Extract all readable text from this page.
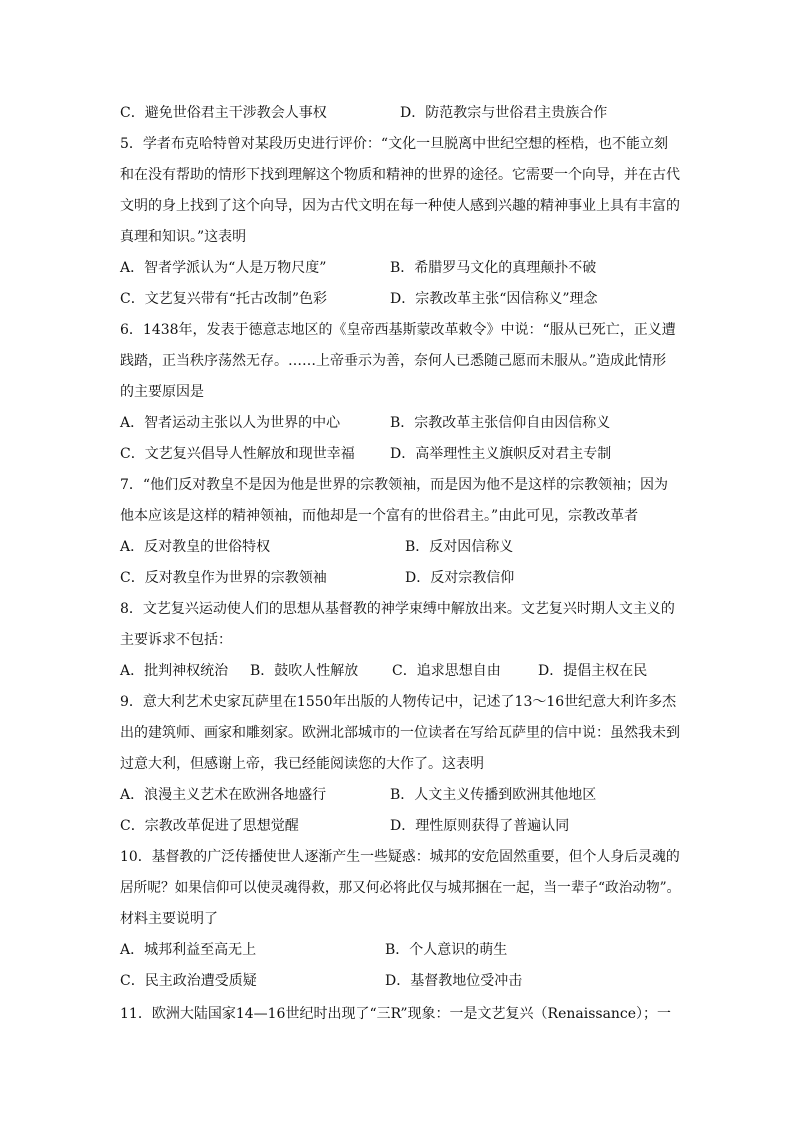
C．避免世俗君主干涉教会人事权	D．防范教宗与世俗君主贵族合作
5．学者布克哈特曾对某段历史进行评价：“文化一旦脱离中世纪空想的桎梏，也不能立刻
和在没有帮助的情形下找到理解这个物质和精神的世界的途径。它需要一个向导，并在古代
文明的身上找到了这个向导，因为古代文明在每一种使人感到兴趣的精神事业上具有丰富的
真理和知识。”这表明
A．智者学派认为“人是万物尺度”	B．希腊罗马文化的真理颠扑不破
C．文艺复兴带有“托古改制”色彩	D．宗教改革主张“因信称义”理念
6．1438年，发表于德意志地区的《皇帝西基斯蒙改革敕令》中说：“服从已死亡，正义遭
践踏，正当秩序荡然无存。……上帝垂示为善，奈何人已悉随己愿而未服从。”造成此情形
的主要原因是
A．智者运动主张以人为世界的中心	B．宗教改革主张信仰自由因信称义
C．文艺复兴倡导人性解放和现世幸福	D．高举理性主义旗帜反对君主专制
7．“他们反对教皇不是因为他是世界的宗教领袖，而是因为他不是这样的宗教领袖；因为
他本应该是这样的精神领袖，而他却是一个富有的世俗君主。”由此可见，宗教改革者
A．反对教皇的世俗特权	B．反对因信称义
C．反对教皇作为世界的宗教领袖	D．反对宗教信仰
8．文艺复兴运动使人们的思想从基督教的神学束缚中解放出来。文艺复兴时期人文主义的
主要诉求不包括：
A．批判神权统治 B．鼓吹人性解放 C．追求思想自由	D．提倡主权在民
9．意大利艺术史家瓦萨里在1550年出版的人物传记中，记述了13～16世纪意大利许多杰
出的建筑师、画家和雕刻家。欧洲北部城市的一位读者在写给瓦萨里的信中说：虽然我未到
过意大利，但感谢上帝，我已经能阅读您的大作了。这表明
A．浪漫主义艺术在欧洲各地盛行	B．人文主义传播到欧洲其他地区
C．宗教改革促进了思想觉醒	D．理性原则获得了普遍认同
10．基督教的广泛传播使世人逐渐产生一些疑惑：城邦的安危固然重要，但个人身后灵魂的
居所呢？如果信仰可以使灵魂得救，那又何必将此仅与城邦捆在一起，当一辈子“政治动物”。
材料主要说明了
A．城邦利益至高无上	B．个人意识的萌生
C．民主政治遭受质疑	D．基督教地位受冲击
11．欧洲大陆国家14—16世纪时出现了“三R”现象：一是文艺复兴（Renaissance）；一
